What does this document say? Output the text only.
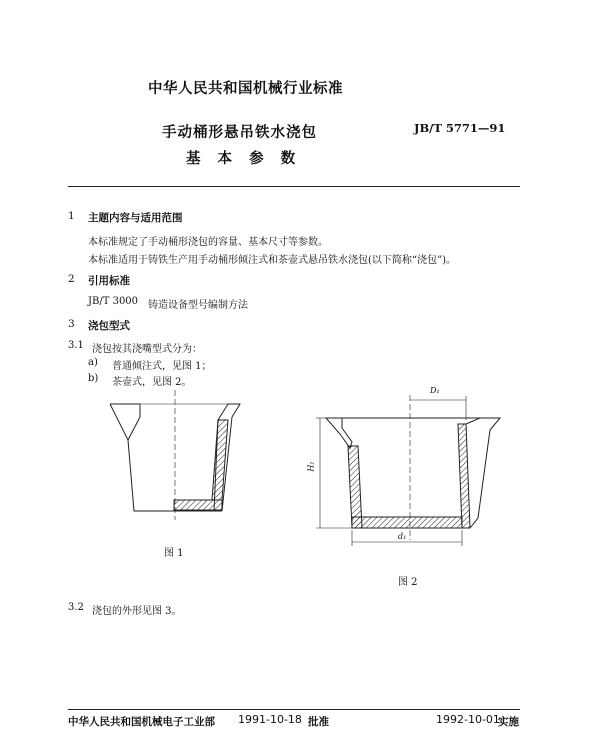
中华人民共和国机械行业标准
手动桶形悬吊铁水浇包	JB/T 5771—91
基 本 参 数
1 主题内容与适用范围
本标准规定了手动桶形浇包的容量、基本尺寸等参数。
本标准适用于铸铁生产用手动桶形倾注式和茶壶式悬吊铁水浇包(以下简称“浇包”)。
2 引用标准
JB/T 3000 铸造设备型号编制方法
3 浇包型式
3.1 浇包按其浇嘴型式分为：
a) 普通倾注式，见图 1；
b) 茶壶式，见图 2。
图 1
D₁
H₁
d₁
图 2
3.2 浇包的外形见图 3。
中华人民共和国机械电子工业部 1991-10-18 批准	1992-10-01
实施
